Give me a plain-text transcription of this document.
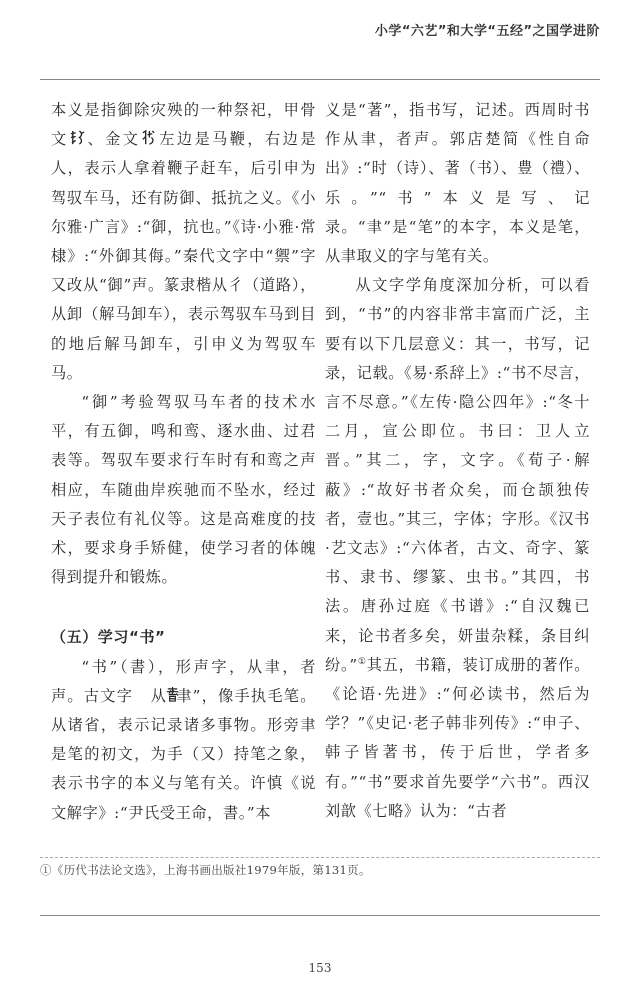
小学“六艺”和大学“五经”之国学进阶

本义是指御除灾殃的一种祭祀，甲骨文 、金文 左边是马鞭，右边是人，表示人拿着鞭子赶车，后引申为驾驭车马，还有防御、抵抗之义。《小尔雅·广言》:“御，抗也。”《诗·小雅·常棣》:“外御其侮。”秦代文字中“禦”字又改从“御”声。篆隶楷从彳（道路），从卸（解马卸车），表示驾驭车马到目的地后解马卸车，引申义为驾驭车马。

“御”考验驾驭马车者的技术水平，有五御，鸣和鸾、逐水曲、过君表等。驾驭车要求行车时有和鸾之声相应，车随曲岸疾驰而不坠水，经过天子表位有礼仪等。这是高难度的技术，要求身手矫健，使学习者的体魄得到提升和锻炼。

（五）学习“书”

“书”（書），形声字，从聿，者声。古文字 从“聿”，像手执毛笔。从诸省，表示记录诸多事物。形旁聿是笔的初文，为手（又）持笔之象，表示书字的本义与笔有关。许慎《说文解字》:“尹氏受王命，書。”本

义是“著”，指书写，记述。西周时书作从聿，者声。郭店楚简《性自命出》:“时（诗）、著（书）、豊（禮）、乐。”“书”本义是写、记录。“聿”是“笔”的本字，本义是笔，从聿取义的字与笔有关。

从文字学角度深加分析，可以看到，“书”的内容非常丰富而广泛，主要有以下几层意义：其一，书写，记录，记载。《易·系辞上》:“书不尽言，言不尽意。”《左传·隐公四年》:“冬十二月，宣公即位。书曰：卫人立晋。”其二，字，文字。《荀子·解蔽》:“故好书者众矣，而仓颉独传者，壹也。”其三，字体；字形。《汉书·艺文志》:“六体者，古文、奇字、篆书、隶书、缪篆、虫书。”其四，书法。唐孙过庭《书谱》:“自汉魏已来，论书者多矣，妍蚩杂糅，条目纠纷。”①其五，书籍，装订成册的著作。《论语·先进》:“何必读书，然后为学？”《史记·老子韩非列传》:“申子、韩子皆著书，传于后世，学者多有。”“书”要求首先要学“六书”。西汉刘歆《七略》认为：“古者

①《历代书法论文选》，上海书画出版社1979年版，第131页。
153
